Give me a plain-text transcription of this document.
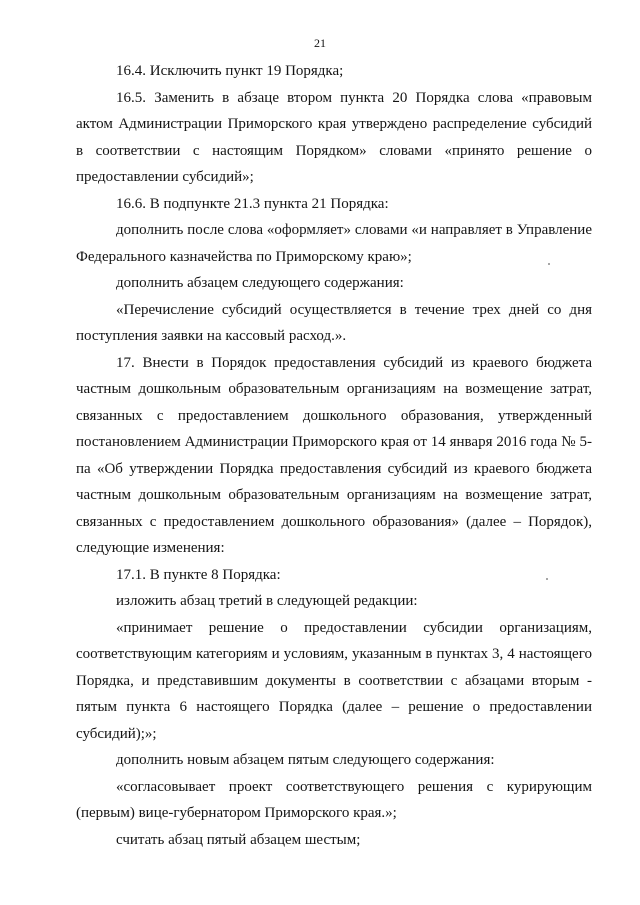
21

16.4. Исключить пункт 19 Порядка;

16.5. Заменить в абзаце втором пункта 20 Порядка слова «правовым актом Администрации Приморского края утверждено распределение субсидий в соответствии с настоящим Порядком» словами «принято решение о предоставлении субсидий»;

16.6. В подпункте 21.3 пункта 21 Порядка:

дополнить после слова «оформляет» словами «и направляет в Управление Федерального казначейства по Приморскому краю»;

дополнить абзацем следующего содержания:

«Перечисление субсидий осуществляется в течение трех дней со дня поступления заявки на кассовый расход.».

17. Внести в Порядок предоставления субсидий из краевого бюджета частным дошкольным образовательным организациям на возмещение затрат, связанных с предоставлением дошкольного образования, утвержденный постановлением Администрации Приморского края от 14 января 2016 года № 5-па «Об утверждении Порядка предоставления субсидий из краевого бюджета частным дошкольным образовательным организациям на возмещение затрат, связанных с предоставлением дошкольного образования» (далее – Порядок), следующие изменения:

17.1. В пункте 8 Порядка:

изложить абзац третий в следующей редакции:

«принимает решение о предоставлении субсидии организациям, соответствующим категориям и условиям, указанным в пунктах 3, 4 настоящего Порядка, и представившим документы в соответствии с абзацами вторым - пятым пункта 6 настоящего Порядка (далее – решение о предоставлении субсидий);»;

дополнить новым абзацем пятым следующего содержания:

«согласовывает проект соответствующего решения с курирующим (первым) вице-губернатором Приморского края.»;

считать абзац пятый абзацем шестым;
